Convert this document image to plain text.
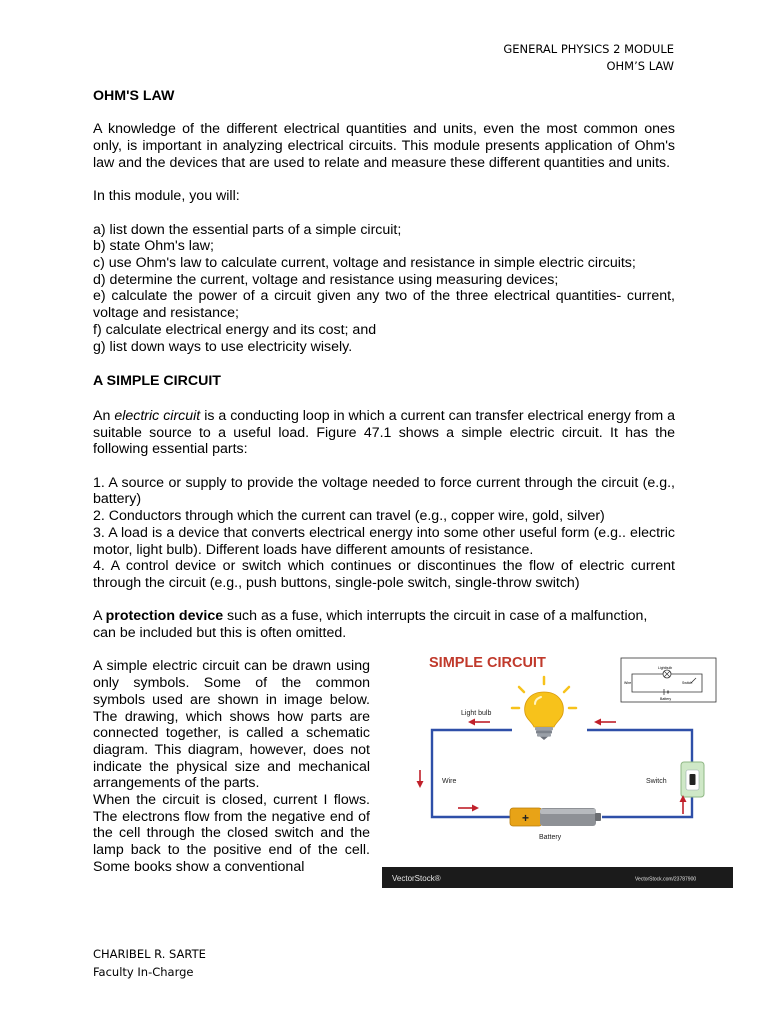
GENERAL PHYSICS 2 MODULE
OHM’S LAW
OHM'S LAW

A knowledge of the different electrical quantities and units, even the most common ones only, is important in analyzing electrical circuits. This module presents application of Ohm's law and the devices that are used to relate and measure these different quantities and units.

In this module, you will:

a) list down the essential parts of a simple circuit;
b) state Ohm's law;
c) use Ohm's law to calculate current, voltage and resistance in simple electric circuits;
d) determine the current, voltage and resistance using measuring devices;
e) calculate the power of a circuit given any two of the three electrical quantities- current, voltage and resistance;
f) calculate electrical energy and its cost; and
g) list down ways to use electricity wisely.
A SIMPLE CIRCUIT

An electric circuit is a conducting loop in which a current can transfer electrical energy from a suitable source to a useful load. Figure 47.1 shows a simple electric circuit. It has the following essential parts:

1. A source or supply to provide the voltage needed to force current through the circuit (e.g., battery)
2. Conductors through which the current can travel (e.g., copper wire, gold, silver)
3. A load is a device that converts electrical energy into some other useful form (e.g.. electric motor, light bulb). Different loads have different amounts of resistance.
4. A control device or switch which continues or discontinues the flow of electric current through the circuit (e.g., push buttons, single-pole switch, single-throw switch)

A protection device such as a fuse, which interrupts the circuit in case of a malfunction,

can be included but this is often omitted.

A simple electric circuit can be drawn using only symbols. Some of the common symbols used are shown in image below. The drawing, which shows how parts are connected together, is called a schematic diagram. This diagram, however, does not indicate the physical size and mechanical arrangements of the parts.

When the circuit is closed, current I flows. The electrons flow from the negative end of the cell through the closed switch and the lamp back to the positive end of the cell. Some books show a conventional

SIMPLE CIRCUIT	Lightbulb
Wire	Switch
Battery
Light bulb
Switch
Wire
+
Battery
VectorStock®	VectorStock.com/23787900
CHARIBEL R. SARTE
Faculty In-Charge
